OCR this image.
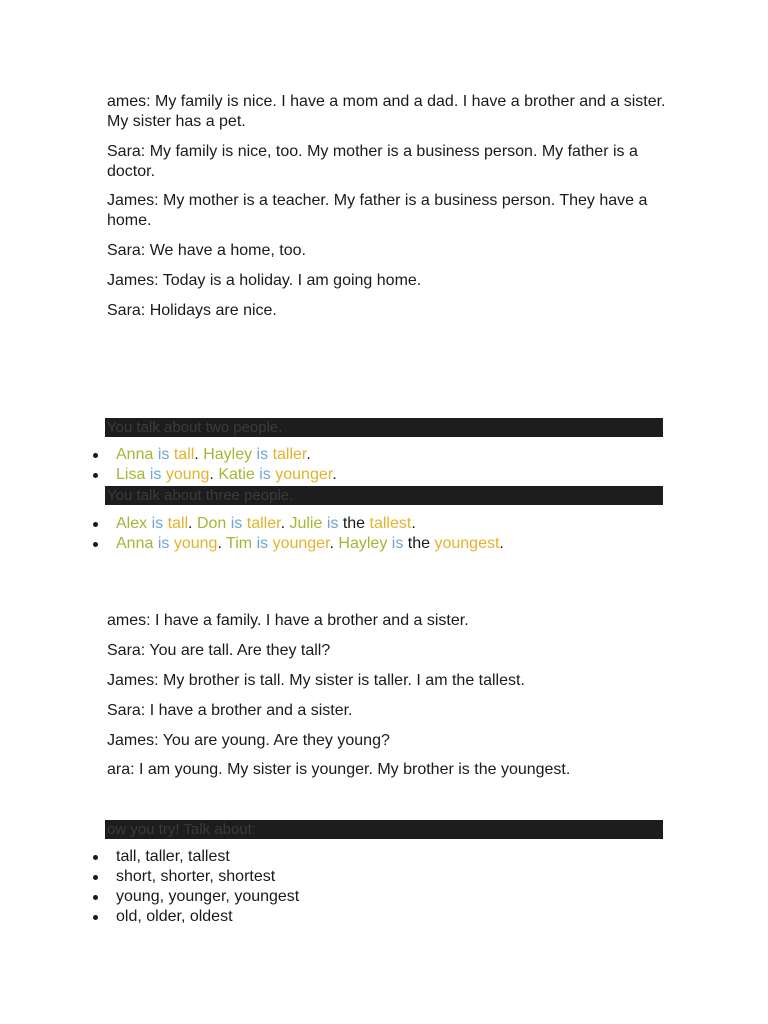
ames: My family is nice. I have a mom and a dad. I have a brother and a sister. My sister has a pet.

Sara: My family is nice, too. My mother is a business person. My father is a doctor.

James: My mother is a teacher. My father is a business person. They have a home.

Sara: We have a home, too.

James: Today is a holiday. I am going home.

Sara: Holidays are nice.

You talk about two people.
Anna is tall. Hayley is taller.
Lisa is young. Katie is younger.
You talk about three people.
Alex is tall. Don is taller. Julie is the tallest.
Anna is young. Tim is younger. Hayley is the youngest.

ames: I have a family. I have a brother and a sister.

Sara: You are tall. Are they tall?

James: My brother is tall. My sister is taller. I am the tallest.

Sara: I have a brother and a sister.

James: You are young. Are they young?

ara: I am young. My sister is younger. My brother is the youngest.

ow you try! Talk about:
tall, taller, tallest
short, shorter, shortest
young, younger, youngest
old, older, oldest
